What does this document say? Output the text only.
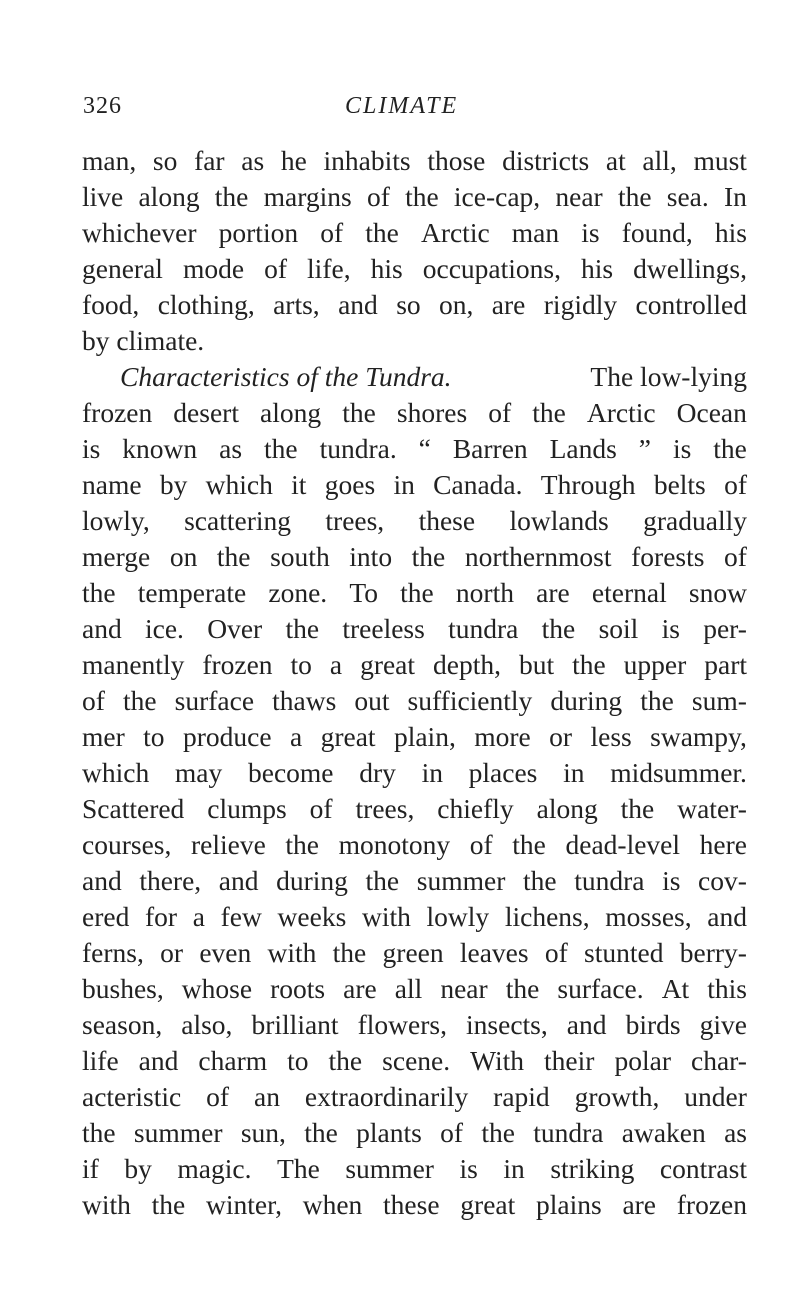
326	CLIMATE
man, so far as he inhabits those districts at all, must
live along the margins of the ice-cap, near the sea. In
whichever portion of the Arctic man is found, his
general mode of life, his occupations, his dwellings,
food, clothing, arts, and so on, are rigidly controlled
by climate.
Characteristics of the Tundra.	The low-lying
frozen desert along the shores of the Arctic Ocean
is known as the tundra. “ Barren Lands ” is the
name by which it goes in Canada. Through belts of
lowly, scattering trees, these lowlands gradually
merge on the south into the northernmost forests of
the temperate zone. To the north are eternal snow
and ice. Over the treeless tundra the soil is per-
manently frozen to a great depth, but the upper part
of the surface thaws out sufficiently during the sum-
mer to produce a great plain, more or less swampy,
which may become dry in places in midsummer.
Scattered clumps of trees, chiefly along the water-
courses, relieve the monotony of the dead-level here
and there, and during the summer the tundra is cov-
ered for a few weeks with lowly lichens, mosses, and
ferns, or even with the green leaves of stunted berry-
bushes, whose roots are all near the surface. At this
season, also, brilliant flowers, insects, and birds give
life and charm to the scene. With their polar char-
acteristic of an extraordinarily rapid growth, under
the summer sun, the plants of the tundra awaken as
if by magic. The summer is in striking contrast
with the winter, when these great plains are frozen
